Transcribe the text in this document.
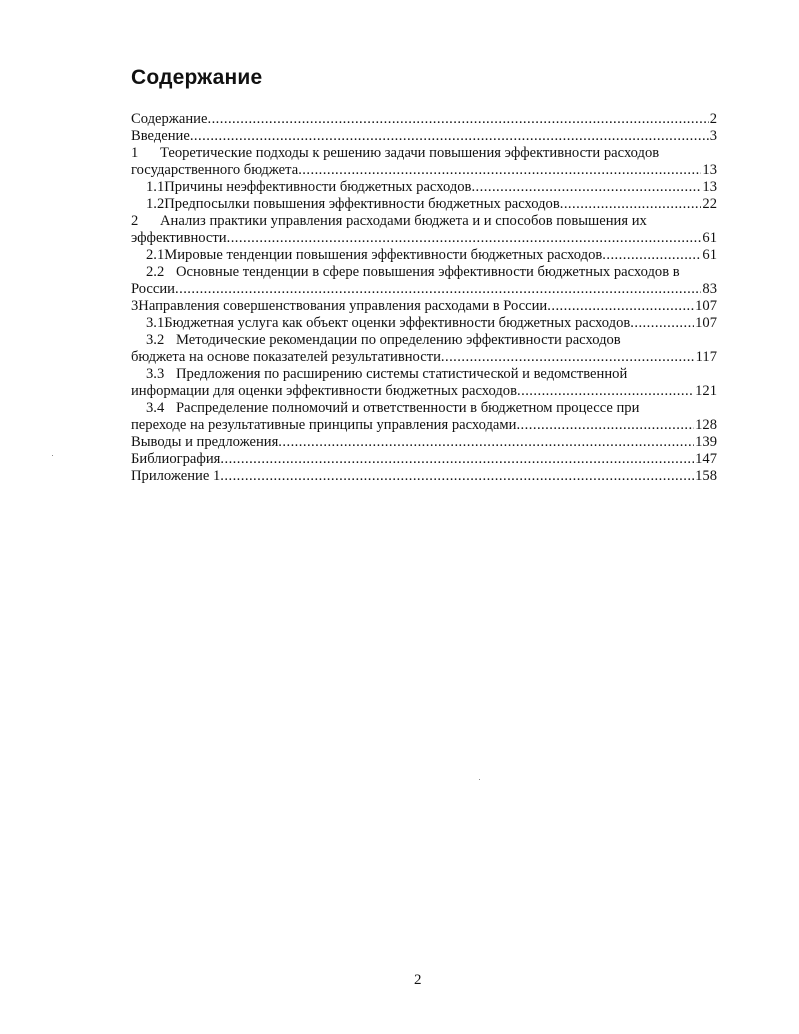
Содержание
Содержание . . .	2
Введение . . .	3
1 Теоретические подходы к решению задачи повышения эффективности расходов
государственного бюджета . . .	13
1.1 Причины неэффективности бюджетных расходов . . .	13
1.2 Предпосылки повышения эффективности бюджетных расходов . . .	22
2 Анализ практики управления расходами бюджета и и способов повышения их
эффективности . . .	61
2.1 Мировые тенденции повышения эффективности бюджетных расходов . . .	61
2.2 Основные тенденции в сфере повышения эффективности бюджетных расходов в
России . . .	83
3 Направления совершенствования управления расходами в России . . .	107
3.1 Бюджетная услуга как объект оценки эффективности бюджетных расходов . . .	107
3.2 Методические рекомендации по определению эффективности расходов
бюджета на основе показателей результативности . . .	117
3.3 Предложения по расширению системы статистической и ведомственной
информации для оценки эффективности бюджетных расходов . . .	121
3.4 Распределение полномочий и ответственности в бюджетном процессе при
переходе на результативные принципы управления расходами . . .	128
Выводы и предложения . . .	139
Библиография . . .	147
Приложение 1 . . .	158
2
